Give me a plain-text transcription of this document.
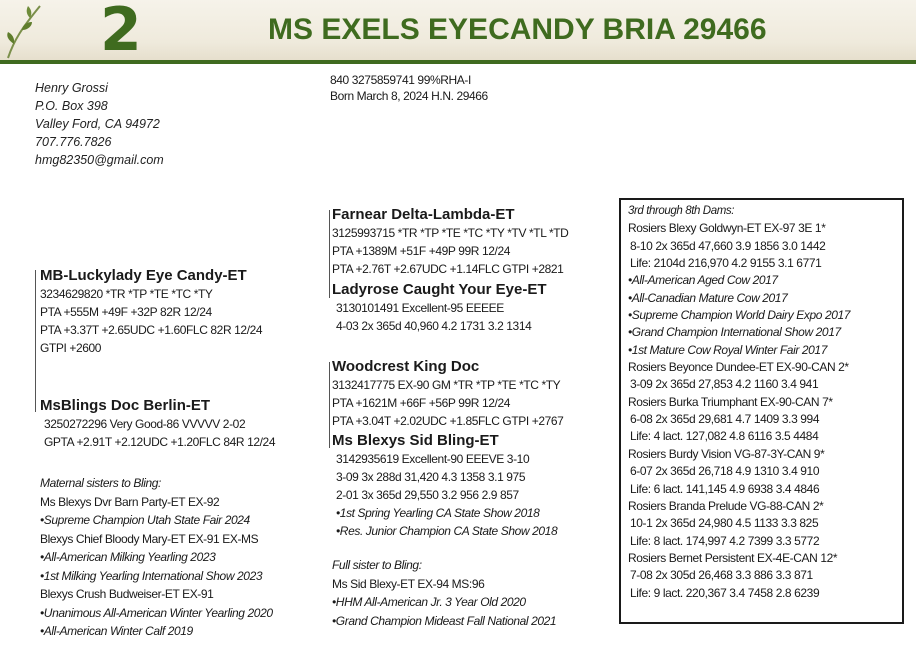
2	MS EXELS EYECANDY BRIA 29466
Henry Grossi
P.O. Box 398
Valley Ford, CA 94972
707.776.7826
hmg82350@gmail.com
840 3275859741 99%RHA-I
Born March 8, 2024 H.N. 29466
MB-Luckylady Eye Candy-ET
3234629820 *TR *TP *TE *TC *TY
PTA +555M +49F +32P 82R 12/24
PTA +3.37T +2.65UDC +1.60FLC 82R 12/24
GTPI +2600
MsBlings Doc Berlin-ET
3250272296 Very Good-86 VVVVV 2-02
GPTA +2.91T +2.12UDC +1.20FLC 84R 12/24
Maternal sisters to Bling:
Ms Blexys Dvr Barn Party-ET EX-92
•Supreme Champion Utah State Fair 2024
Blexys Chief Bloody Mary-ET EX-91 EX-MS
•All-American Milking Yearling 2023
•1st Milking Yearling International Show 2023
Blexys Crush Budweiser-ET EX-91
•Unanimous All-American Winter Yearling 2020
•All-American Winter Calf 2019
Farnear Delta-Lambda-ET
3125993715 *TR *TP *TE *TC *TY *TV *TL *TD
PTA +1389M +51F +49P 99R 12/24
PTA +2.76T +2.67UDC +1.14FLC GTPI +2821
Ladyrose Caught Your Eye-ET
3130101491 Excellent-95 EEEEE
4-03 2x 365d 40,960 4.2 1731 3.2 1314
Woodcrest King Doc
3132417775 EX-90 GM *TR *TP *TE *TC *TY
PTA +1621M +66F +56P 99R 12/24
PTA +3.04T +2.02UDC +1.85FLC GTPI +2767
Ms Blexys Sid Bling-ET
3142935619 Excellent-90 EEEVE 3-10
3-09 3x 288d 31,420 4.3 1358 3.1 975
2-01 3x 365d 29,550 3.2 956 2.9 857
•1st Spring Yearling CA State Show 2018
•Res. Junior Champion CA State Show 2018
Full sister to Bling:
Ms Sid Blexy-ET EX-94 MS:96
•HHM All-American Jr. 3 Year Old 2020
•Grand Champion Mideast Fall National 2021
3rd through 8th Dams:
Rosiers Blexy Goldwyn-ET EX-97 3E 1*
8-10 2x 365d 47,660 3.9 1856 3.0 1442
Life: 2104d 216,970 4.2 9155 3.1 6771
•All-American Aged Cow 2017
•All-Canadian Mature Cow 2017
•Supreme Champion World Dairy Expo 2017
•Grand Champion International Show 2017
•1st Mature Cow Royal Winter Fair 2017
Rosiers Beyonce Dundee-ET EX-90-CAN 2*
3-09 2x 365d 27,853 4.2 1160 3.4 941
Rosiers Burka Triumphant EX-90-CAN 7*
6-08 2x 365d 29,681 4.7 1409 3.3 994
Life: 4 lact. 127,082 4.8 6116 3.5 4484
Rosiers Burdy Vision VG-87-3Y-CAN 9*
6-07 2x 365d 26,718 4.9 1310 3.4 910
Life: 6 lact. 141,145 4.9 6938 3.4 4846
Rosiers Branda Prelude VG-88-CAN 2*
10-1 2x 365d 24,980 4.5 1133 3.3 825
Life: 8 lact. 174,997 4.2 7399 3.3 5772
Rosiers Bernet Persistent EX-4E-CAN 12*
7-08 2x 305d 26,468 3.3 886 3.3 871
Life: 9 lact. 220,367 3.4 7458 2.8 6239
